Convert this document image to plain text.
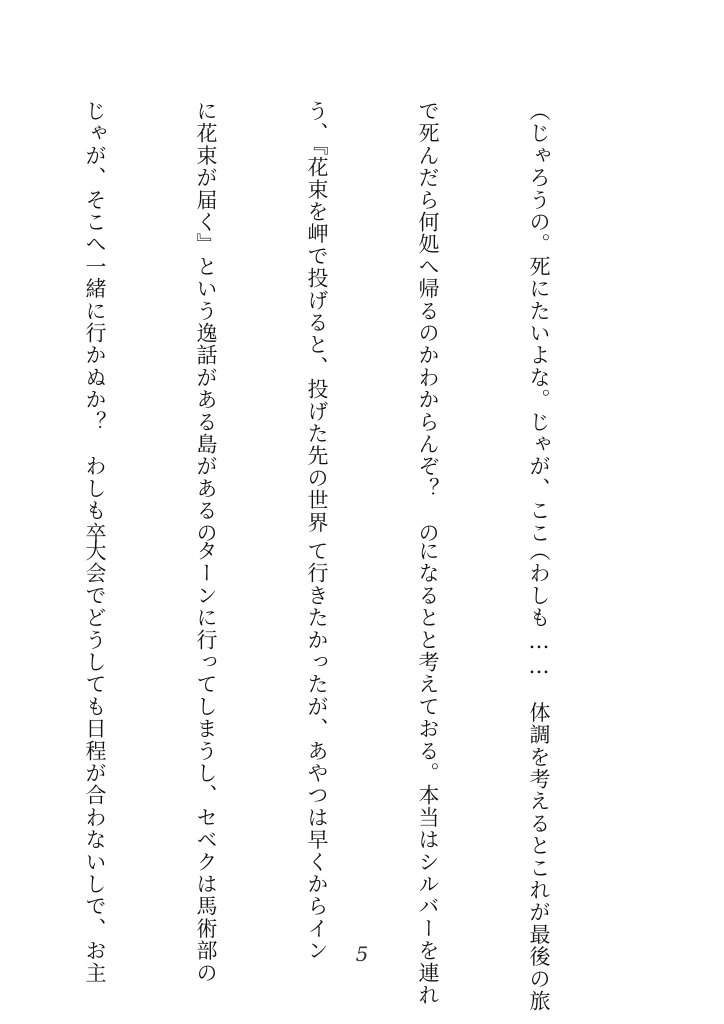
（じゃろうの。死にたいよな。じゃが、ここ

で死んだら何処へ帰るのかわからんぞ？　の

う、『花束を岬で投げると、投げた先の世界

に花束が届く』という逸話がある島があるの

じゃが、そこへ一緒に行かぬか？　わしも卒

（わしも……　体調を考えるとこれが最後の旅

になるとと考えておる。本当はシルバーを連れ

て行きたかったが、あやつは早くからイン

ターンに行ってしまうし、セベクは馬術部の

大会でどうしても日程が合わないしで、お主

	5
